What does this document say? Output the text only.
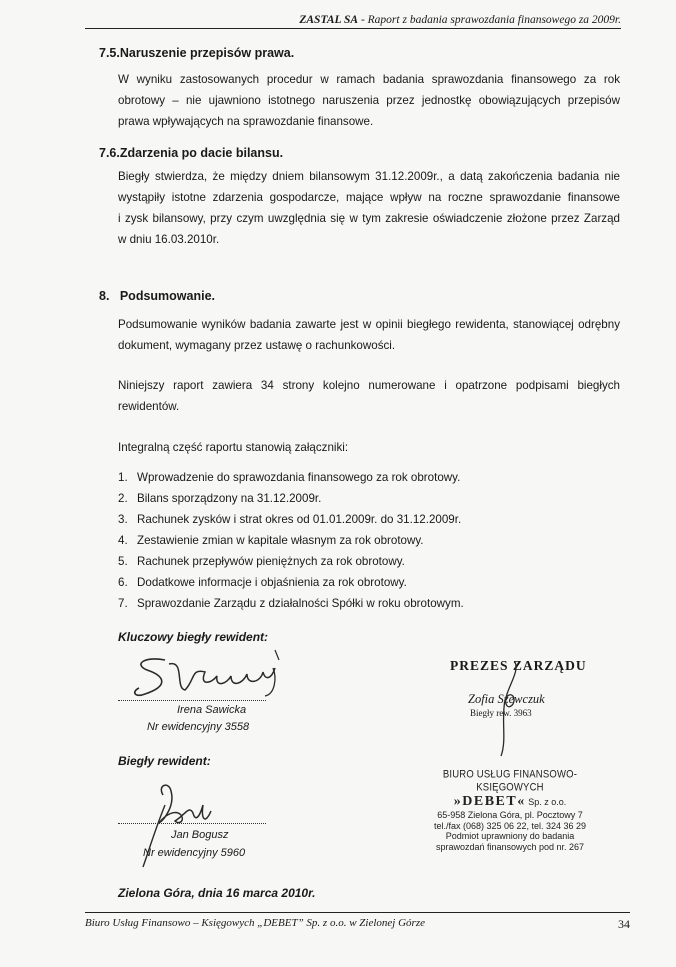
ZASTAL SA - Raport z badania sprawozdania finansowego za 2009r.
7.5.Naruszenie przepisów prawa.
W wyniku zastosowanych procedur w ramach badania sprawozdania finansowego za rok
obrotowy – nie ujawniono istotnego naruszenia przez jednostkę obowiązujących przepisów
prawa wpływających na sprawozdanie finansowe.
7.6.Zdarzenia po dacie bilansu.
Biegły stwierdza, że między dniem bilansowym 31.12.2009r., a datą zakończenia badania nie
wystąpiły istotne zdarzenia gospodarcze, mające wpływ na roczne sprawozdanie finansowe
i zysk bilansowy, przy czym uwzględnia się w tym zakresie oświadczenie złożone przez Zarząd
w dniu 16.03.2010r.
8.   Podsumowanie.
Podsumowanie wyników badania zawarte jest w opinii biegłego rewidenta, stanowiącej odrębny
dokument, wymagany przez ustawę o rachunkowości.
Niniejszy raport zawiera 34 strony kolejno numerowane i opatrzone podpisami biegłych
rewidentów.
Integralną część raportu stanowią załączniki:
1. Wprowadzenie do sprawozdania finansowego za rok obrotowy.
2. Bilans sporządzony na 31.12.2009r.
3. Rachunek zysków i strat okres od 01.01.2009r. do 31.12.2009r.
4. Zestawienie zmian w kapitale własnym za rok obrotowy.
5. Rachunek przepływów pieniężnych za rok obrotowy.
6. Dodatkowe informacje i objaśnienia za rok obrotowy.
7. Sprawozdanie Zarządu z działalności Spółki w roku obrotowym.
Kluczowy biegły rewident:
Irena Sawicka
Nr ewidencyjny 3558
Biegły rewident:
Jan Bogusz
Nr ewidencyjny 5960
PREZES ZARZĄDU
Zofia Szewczuk
Biegły rew. 3963
BIURO USŁUG FINANSOWO-KSIĘGOWYCH
»DEBET« Sp. z o.o.
65-958 Zielona Góra, pl. Pocztowy 7
tel./fax (068) 325 06 22, tel. 324 36 29
Podmiot uprawniony do badania
sprawozdań finansowych pod nr. 267
Zielona Góra, dnia 16 marca 2010r.
Biuro Usług Finansowo – Księgowych „DEBET” Sp. z o.o. w Zielonej Górze	34
